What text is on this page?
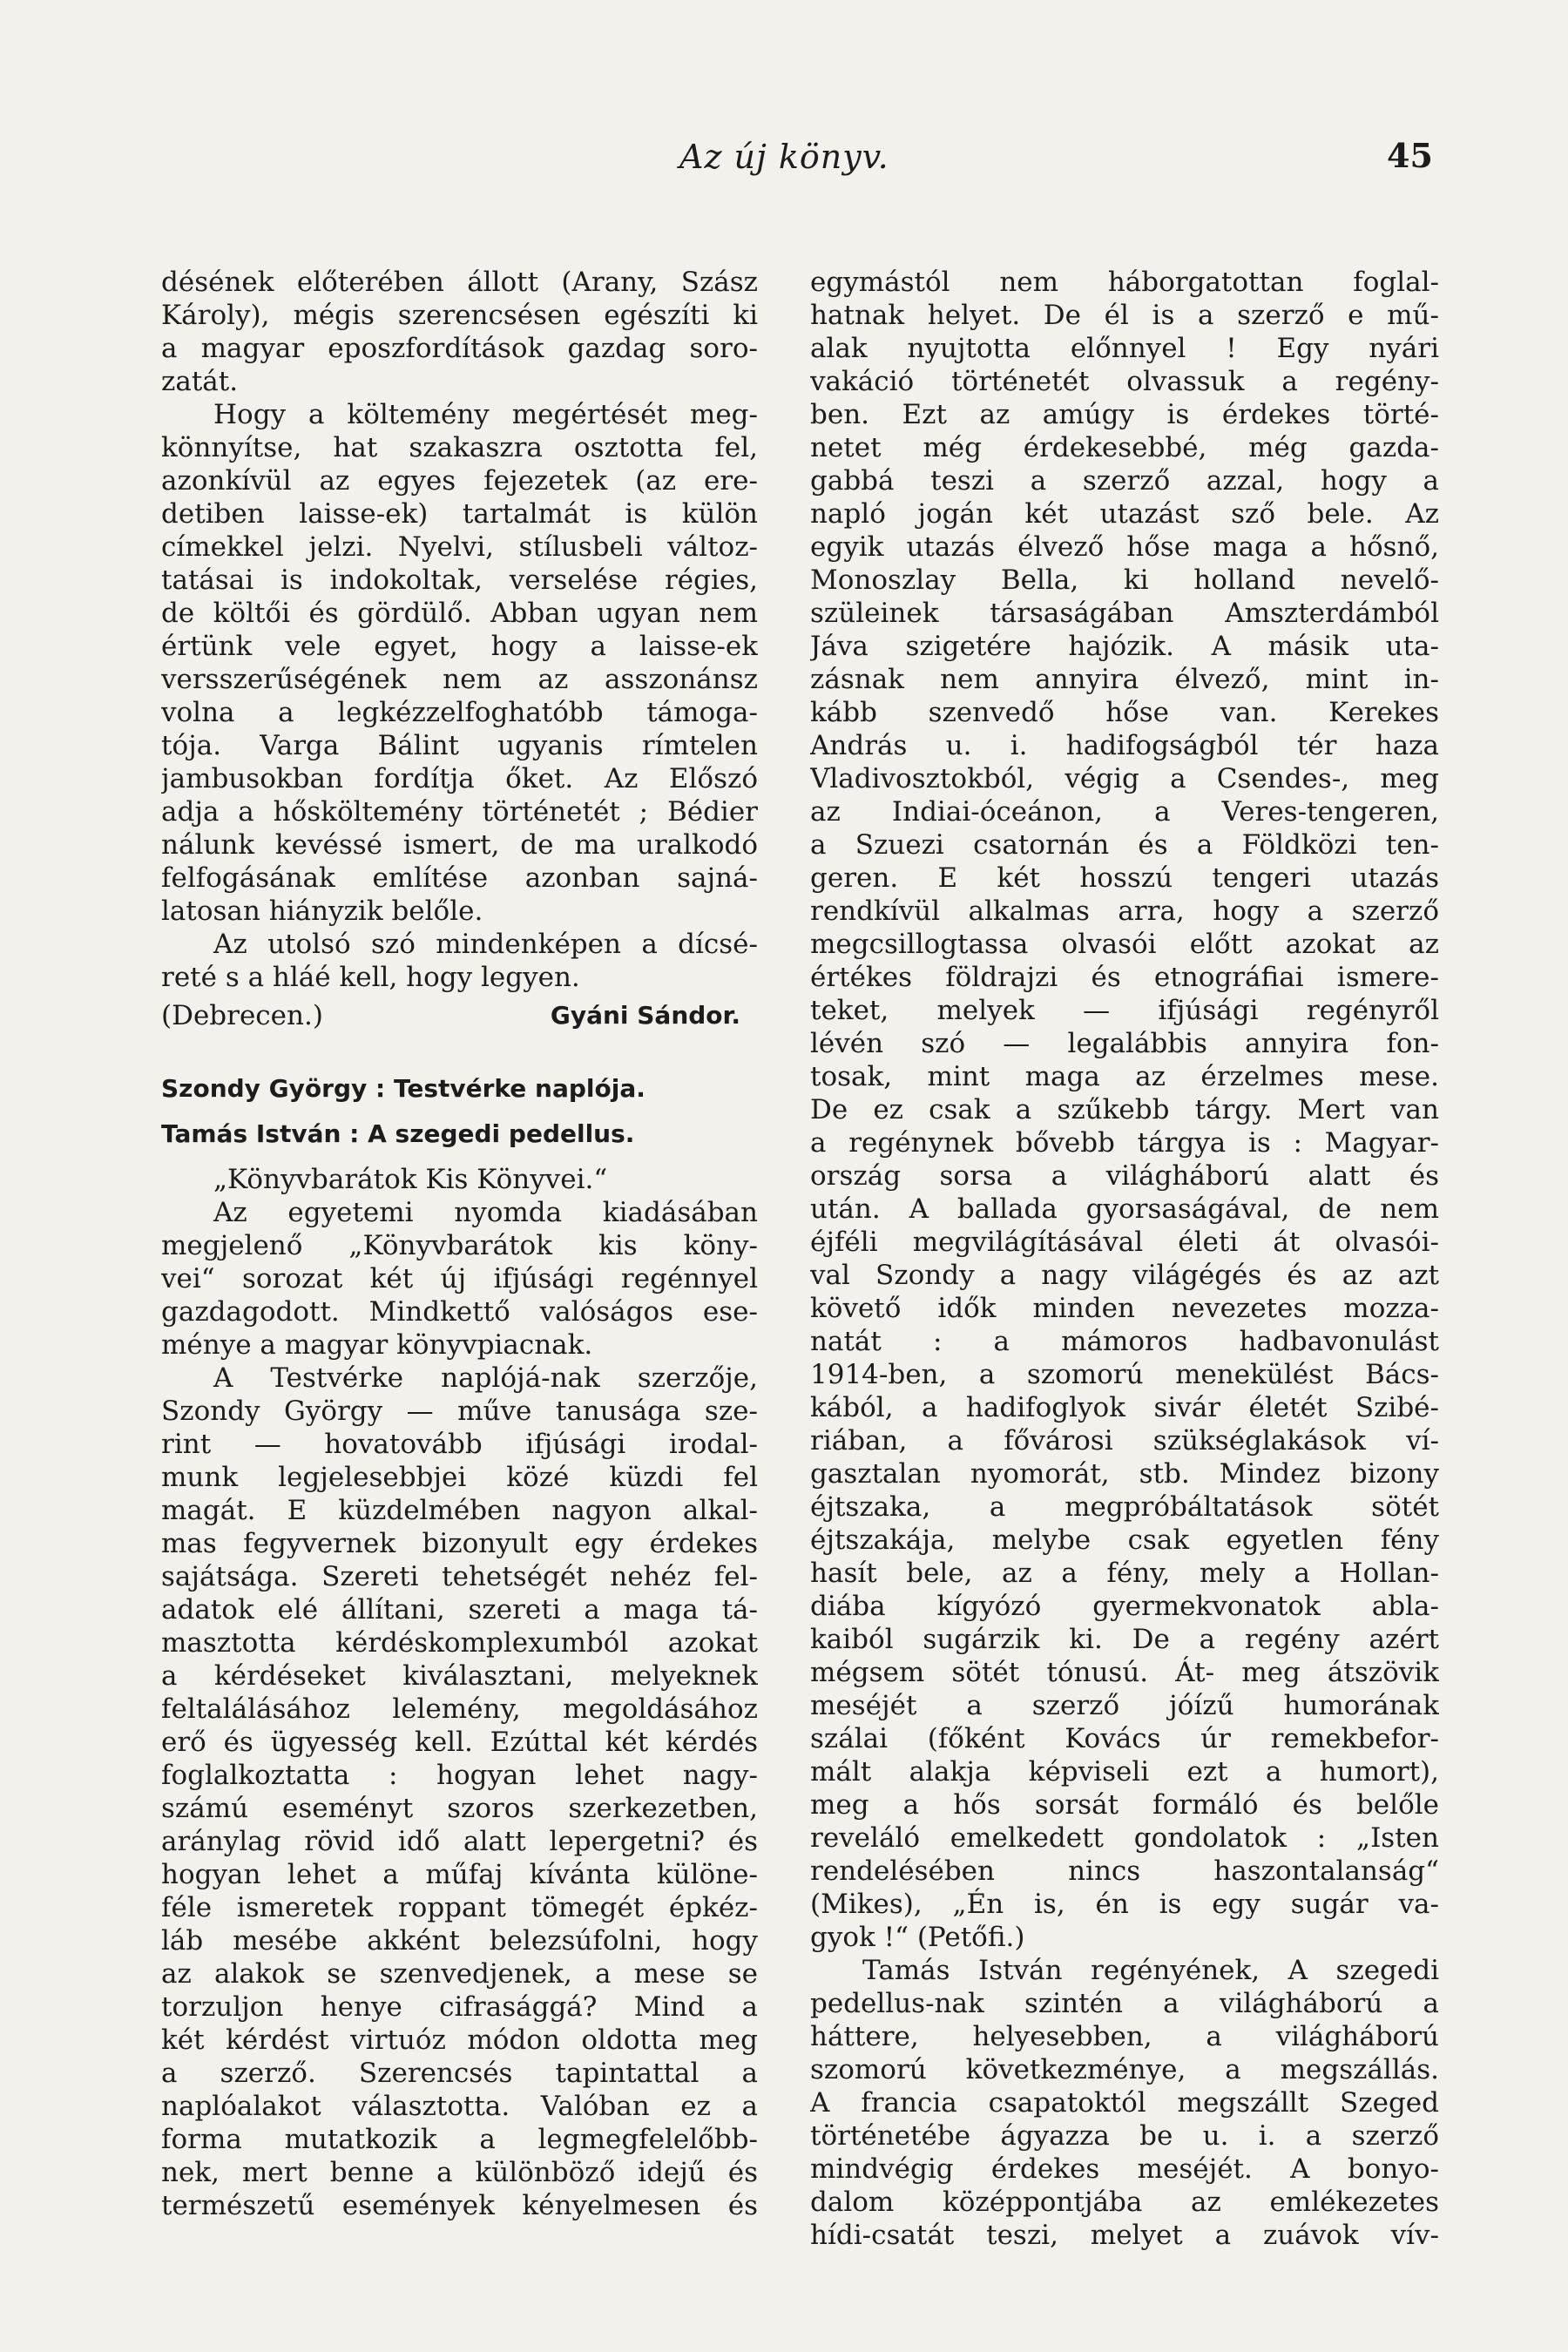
Az új könyv.	45
désének előterében állott (Arany, Szász
Károly), mégis szerencsésen egészíti ki
a magyar eposzfordítások gazdag soro-
zatát.
Hogy a költemény megértését meg-
könnyítse, hat szakaszra osztotta fel,
azonkívül az egyes fejezetek (az ere-
detiben laisse-ek) tartalmát is külön
címekkel jelzi. Nyelvi, stílusbeli változ-
tatásai is indokoltak, verselése régies,
de költői és gördülő. Abban ugyan nem
értünk vele egyet, hogy a laisse-ek
versszerűségének nem az asszonánsz
volna a legkézzelfoghatóbb támoga-
tója. Varga Bálint ugyanis rímtelen
jambusokban fordítja őket. Az Előszó
adja a hősköltemény történetét ; Bédier
nálunk kevéssé ismert, de ma uralkodó
felfogásának említése azonban sajná-
latosan hiányzik belőle.
Az utolsó szó mindenképen a dícsé-
reté s a hláé kell, hogy legyen.
(Debrecen.)	Gyáni Sándor.
Szondy György : Testvérke naplója.
Tamás István : A szegedi pedellus.
„Könyvbarátok Kis Könyvei.“
Az egyetemi nyomda kiadásában
megjelenő „Könyvbarátok kis köny-
vei“ sorozat két új ifjúsági regénnyel
gazdagodott. Mindkettő valóságos ese-
ménye a magyar könyvpiacnak.
A Testvérke naplójá-nak szerzője,
Szondy György — műve tanusága sze-
rint — hovatovább ifjúsági irodal-
munk legjelesebbjei közé küzdi fel
magát. E küzdelmében nagyon alkal-
mas fegyvernek bizonyult egy érdekes
sajátsága. Szereti tehetségét nehéz fel-
adatok elé állítani, szereti a maga tá-
masztotta kérdéskomplexumból azokat
a kérdéseket kiválasztani, melyeknek
feltalálásához lelemény, megoldásához
erő és ügyesség kell. Ezúttal két kérdés
foglalkoztatta : hogyan lehet nagy-
számú eseményt szoros szerkezetben,
aránylag rövid idő alatt lepergetni? és
hogyan lehet a műfaj kívánta különe-
féle ismeretek roppant tömegét épkéz-
láb mesébe akként belezsúfolni, hogy
az alakok se szenvedjenek, a mese se
torzuljon henye cifrasággá? Mind a
két kérdést virtuóz módon oldotta meg
a szerző. Szerencsés tapintattal a
naplóalakot választotta. Valóban ez a
forma mutatkozik a legmegfelelőbb-
nek, mert benne a különböző idejű és
természetű események kényelmesen és
egymástól nem háborgatottan foglal-
hatnak helyet. De él is a szerző e mű-
alak nyujtotta előnnyel ! Egy nyári
vakáció történetét olvassuk a regény-
ben. Ezt az amúgy is érdekes törté-
netet még érdekesebbé, még gazda-
gabbá teszi a szerző azzal, hogy a
napló jogán két utazást sző bele. Az
egyik utazás élvező hőse maga a hősnő,
Monoszlay Bella, ki holland nevelő-
szüleinek társaságában Amszterdámból
Jáva szigetére hajózik. A másik uta-
zásnak nem annyira élvező, mint in-
kább szenvedő hőse van. Kerekes
András u. i. hadifogságból tér haza
Vladivosztokból, végig a Csendes-, meg
az Indiai-óceánon, a Veres-tengeren,
a Szuezi csatornán és a Földközi ten-
geren. E két hosszú tengeri utazás
rendkívül alkalmas arra, hogy a szerző
megcsillogtassa olvasói előtt azokat az
értékes földrajzi és etnográfiai ismere-
teket, melyek — ifjúsági regényről
lévén szó — legalábbis annyira fon-
tosak, mint maga az érzelmes mese.
De ez csak a szűkebb tárgy. Mert van
a regénynek bővebb tárgya is : Magyar-
ország sorsa a világháború alatt és
után. A ballada gyorsaságával, de nem
éjféli megvilágításával életi át olvasói-
val Szondy a nagy világégés és az azt
követő idők minden nevezetes mozza-
natát : a mámoros hadbavonulást
1914-ben, a szomorú menekülést Bács-
kából, a hadifoglyok sivár életét Szibé-
riában, a fővárosi szükséglakások ví-
gasztalan nyomorát, stb. Mindez bizony
éjtszaka, a megpróbáltatások sötét
éjtszakája, melybe csak egyetlen fény
hasít bele, az a fény, mely a Hollan-
diába kígyózó gyermekvonatok abla-
kaiból sugárzik ki. De a regény azért
mégsem sötét tónusú. Át- meg átszövik
meséjét a szerző jóízű humorának
szálai (főként Kovács úr remekbefor-
mált alakja képviseli ezt a humort),
meg a hős sorsát formáló és belőle
reveláló emelkedett gondolatok : „Isten
rendelésében nincs haszontalanság“
(Mikes), „Én is, én is egy sugár va-
gyok !“ (Petőfi.)
Tamás István regényének, A szegedi
pedellus-nak szintén a világháború a
háttere, helyesebben, a világháború
szomorú következménye, a megszállás.
A francia csapatoktól megszállt Szeged
történetébe ágyazza be u. i. a szerző
mindvégig érdekes meséjét. A bonyo-
dalom középpontjába az emlékezetes
hídi-csatát teszi, melyet a zuávok vív-
